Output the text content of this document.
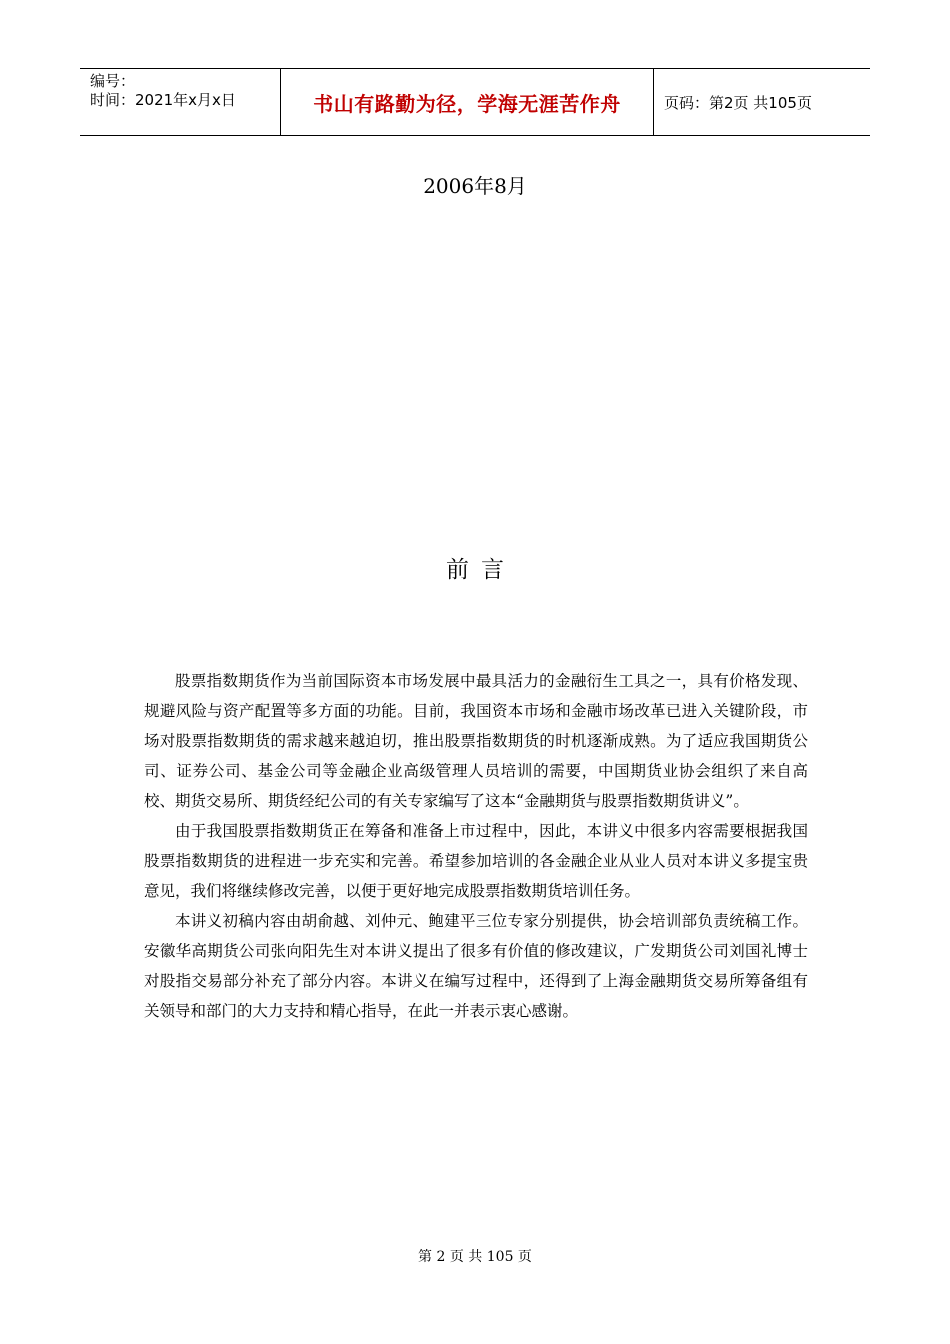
编号：
时间：2021年x月x日	书山有路勤为径，学海无涯苦作舟	页码：第2页 共105页
2006年8月
前言

股票指数期货作为当前国际资本市场发展中最具活力的金融衍生工具之一，具有价格发现、规避风险与资产配置等多方面的功能。目前，我国资本市场和金融市场改革已进入关键阶段，市场对股票指数期货的需求越来越迫切，推出股票指数期货的时机逐渐成熟。为了适应我国期货公司、证券公司、基金公司等金融企业高级管理人员培训的需要，中国期货业协会组织了来自高校、期货交易所、期货经纪公司的有关专家编写了这本“金融期货与股票指数期货讲义”。

由于我国股票指数期货正在筹备和准备上市过程中，因此，本讲义中很多内容需要根据我国股票指数期货的进程进一步充实和完善。希望参加培训的各金融企业从业人员对本讲义多提宝贵意见，我们将继续修改完善，以便于更好地完成股票指数期货培训任务。

本讲义初稿内容由胡俞越、刘仲元、鲍建平三位专家分别提供，协会培训部负责统稿工作。安徽华高期货公司张向阳先生对本讲义提出了很多有价值的修改建议，广发期货公司刘国礼博士对股指交易部分补充了部分内容。本讲义在编写过程中，还得到了上海金融期货交易所筹备组有关领导和部门的大力支持和精心指导，在此一并表示衷心感谢。

第 2 页 共 105 页
